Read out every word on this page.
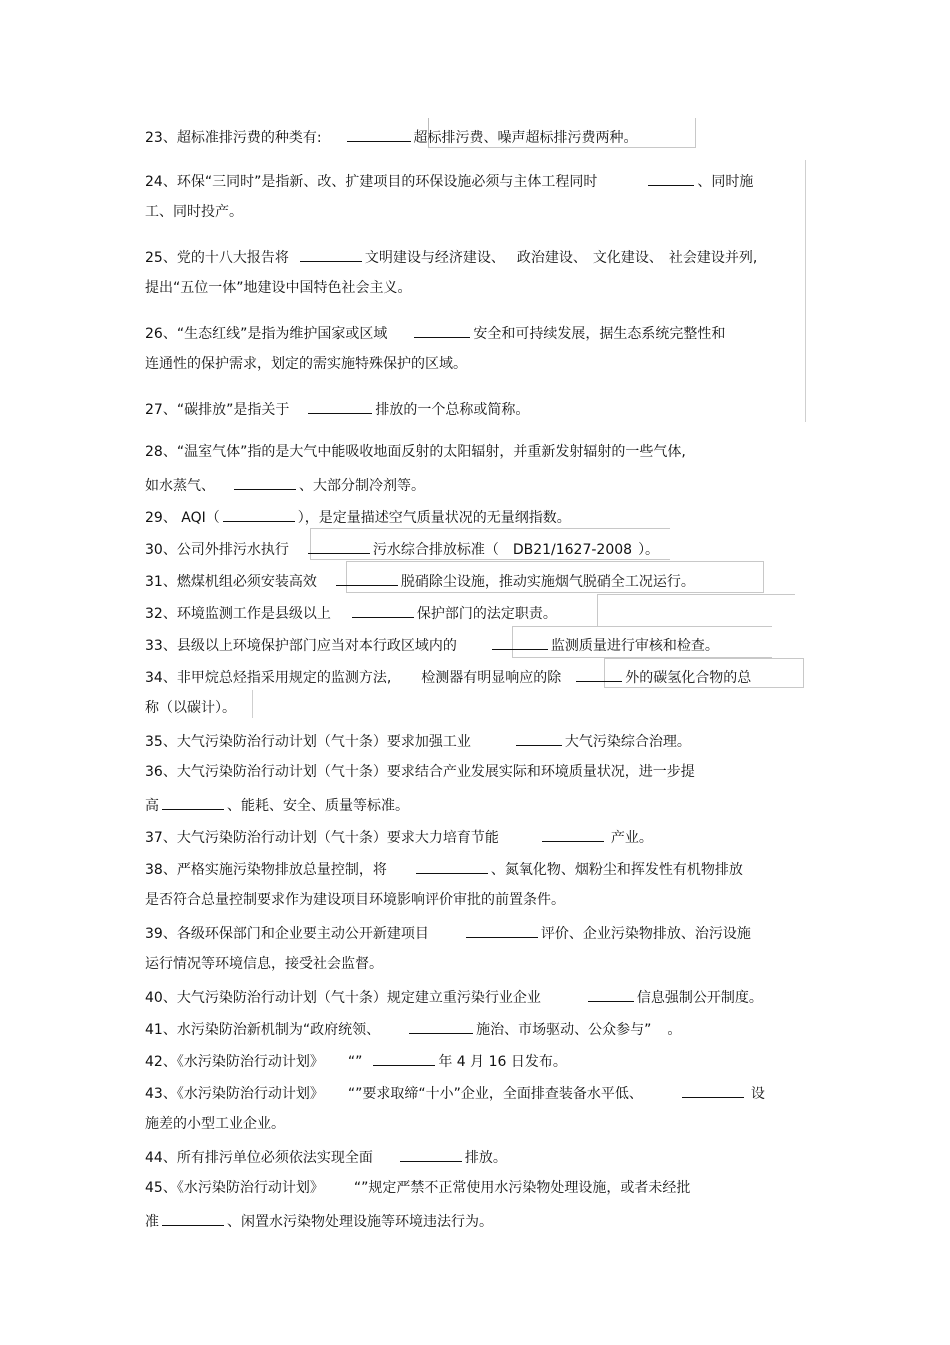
23、超标准排污费的种类有:	超标排污费、噪声超标排污费两种。
24、环保“三同时”是指新、改、扩建项目的环保设施必须与主体工程同时	、同时施
工、同时投产。
25、党的十八大报告将	文明建设与经济建设、 政治建设、 文化建设、 社会建设并列,
提出“五位一体”地建设中国特色社会主义。
26、“生态红线”是指为维护国家或区域	安全和可持续发展，据生态系统完整性和
连通性的保护需求，划定的需实施特殊保护的区域。
27、“碳排放”是指关于	排放的一个总称或简称。
28、“温室气体”指的是大气中能吸收地面反射的太阳辐射，并重新发射辐射的一些气体,
如水蒸气、	、大部分制冷剂等。
29、 AQI（	），是定量描述空气质量状况的无量纲指数。
30、公司外排污水执行	污水综合排放标准（ DB21/1627-2008 ）。
31、燃煤机组必须安装高效	脱硝除尘设施，推动实施烟气脱硝全工况运行。
32、环境监测工作是县级以上	保护部门的法定职责。
33、县级以上环境保护部门应当对本行政区域内的	监测质量进行审核和检查。
34、非甲烷总烃指采用规定的监测方法, 检测器有明显响应的除	外的碳氢化合物的总
称（以碳计）。
35、大气污染防治行动计划（气十条）要求加强工业	大气污染综合治理。
36、大气污染防治行动计划（气十条）要求结合产业发展实际和环境质量状况，进一步提
高	、能耗、安全、质量等标准。
37、大气污染防治行动计划（气十条）要求大力培育节能	产业。
38、严格实施污染物排放总量控制，将	、氮氧化物、烟粉尘和挥发性有机物排放
是否符合总量控制要求作为建设项目环境影响评价审批的前置条件。
39、各级环保部门和企业要主动公开新建项目	评价、企业污染物排放、治污设施
运行情况等环境信息，接受社会监督。
40、大气污染防治行动计划（气十条）规定建立重污染行业企业	信息强制公开制度。
41、水污染防治新机制为“政府统领、	施治、市场驱动、公众参与” 。
42、《水污染防治行动计划》 “”	年 4 月 16 日发布。
43、《水污染防治行动计划》 “”要求取缔“十小”企业，全面排查装备水平低、	设
施差的小型工业企业。
44、所有排污单位必须依法实现全面	排放。
45、《水污染防治行动计划》 “”规定严禁不正常使用水污染物处理设施，或者未经批
准	、闲置水污染物处理设施等环境违法行为。
